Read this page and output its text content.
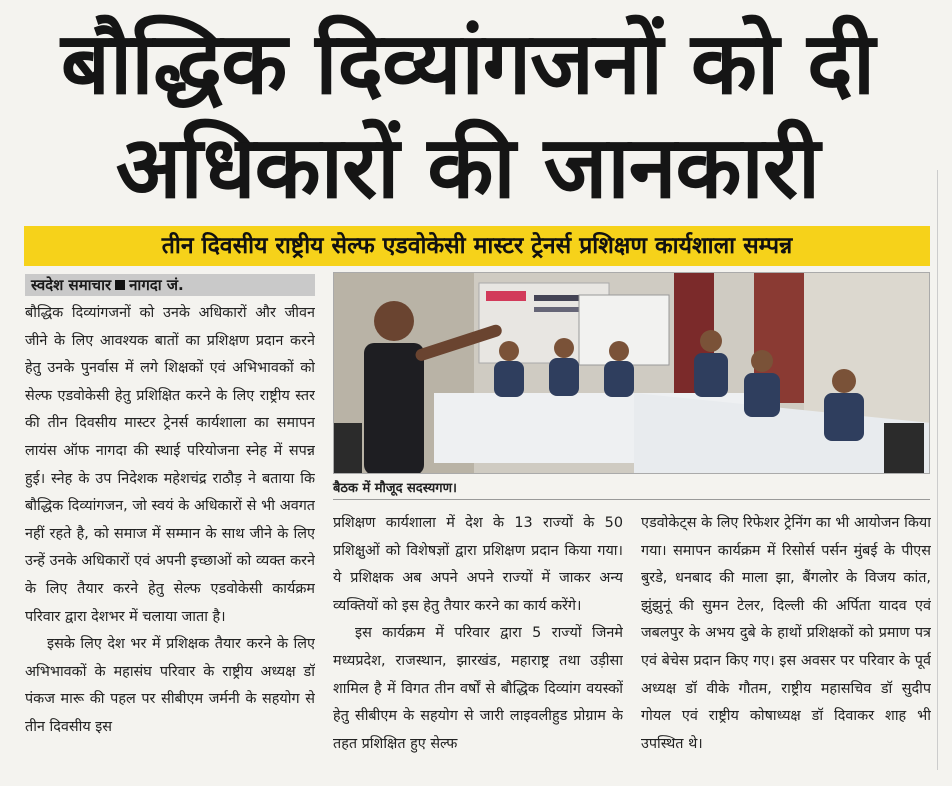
बौद्धिक दिव्यांगजनों को दी
अधिकारों की जानकारी
तीन दिवसीय राष्ट्रीय सेल्फ एडवोकेसी मास्टर ट्रेनर्स प्रशिक्षण कार्यशाला सम्पन्न
स्वदेश समाचार नागदा जं.

बौद्धिक दिव्यांगजनों को उनके अधिकारों और जीवन जीने के लिए आवश्यक बातों का प्रशिक्षण प्रदान करने हेतु उनके पुनर्वास में लगे शिक्षकों एवं अभिभावकों को सेल्फ एडवोकेसी हेतु प्रशिक्षित करने के लिए राष्ट्रीय स्तर की तीन दिवसीय मास्टर ट्रेनर्स कार्यशाला का समापन लायंस ऑफ नागदा की स्थाई परियोजना स्नेह में सपन्न हुई। स्नेह के उप निदेशक महेशचंद्र राठौड़ ने बताया कि बौद्धिक दिव्यांगजन, जो स्वयं के अधिकारों से भी अवगत नहीं रहते है, को समाज में सम्मान के साथ जीने के लिए उन्हें उनके अधिकारों एवं अपनी इच्छाओं को व्यक्त करने के लिए तैयार करने हेतु सेल्फ एडवोकेसी कार्यक्रम परिवार द्वारा देशभर में चलाया जाता है।

इसके लिए देश भर में प्रशिक्षक तैयार करने के लिए अभिभावकों के महासंघ परिवार के राष्ट्रीय अध्यक्ष डॉ पंकज मारू की पहल पर सीबीएम जर्मनी के सहयोग से तीन दिवसीय इस

बैठक में मौजूद सदस्यगण।

प्रशिक्षण कार्यशाला में देश के 13 राज्यों के 50 प्रशिक्षुओं को विशेषज्ञों द्वारा प्रशिक्षण प्रदान किया गया। ये प्रशिक्षक अब अपने अपने राज्यों में जाकर अन्य व्यक्तियों को इस हेतु तैयार करने का कार्य करेंगे।

इस कार्यक्रम में परिवार द्वारा 5 राज्यों जिनमे मध्यप्रदेश, राजस्थान, झारखंड, महाराष्ट्र तथा उड़ीसा शामिल है में विगत तीन वर्षों से बौद्धिक दिव्यांग वयस्कों हेतु सीबीएम के सहयोग से जारी लाइवलीहुड प्रोग्राम के तहत प्रशिक्षित हुए सेल्फ

एडवोकेट्स के लिए रिफेशर ट्रेनिंग का भी आयोजन किया गया। समापन कार्यक्रम में रिसोर्स पर्सन मुंबई के पीएस बुरडे, धनबाद की माला झा, बैंगलोर के विजय कांत, झुंझुनूं की सुमन टेलर, दिल्ली की अर्पिता यादव एवं जबलपुर के अभय दुबे के हाथों प्रशिक्षकों को प्रमाण पत्र एवं बेचेस प्रदान किए गए। इस अवसर पर परिवार के पूर्व अध्यक्ष डॉ वीके गौतम, राष्ट्रीय महासचिव डॉ सुदीप गोयल एवं राष्ट्रीय कोषाध्यक्ष डॉ दिवाकर शाह भी उपस्थित थे।
